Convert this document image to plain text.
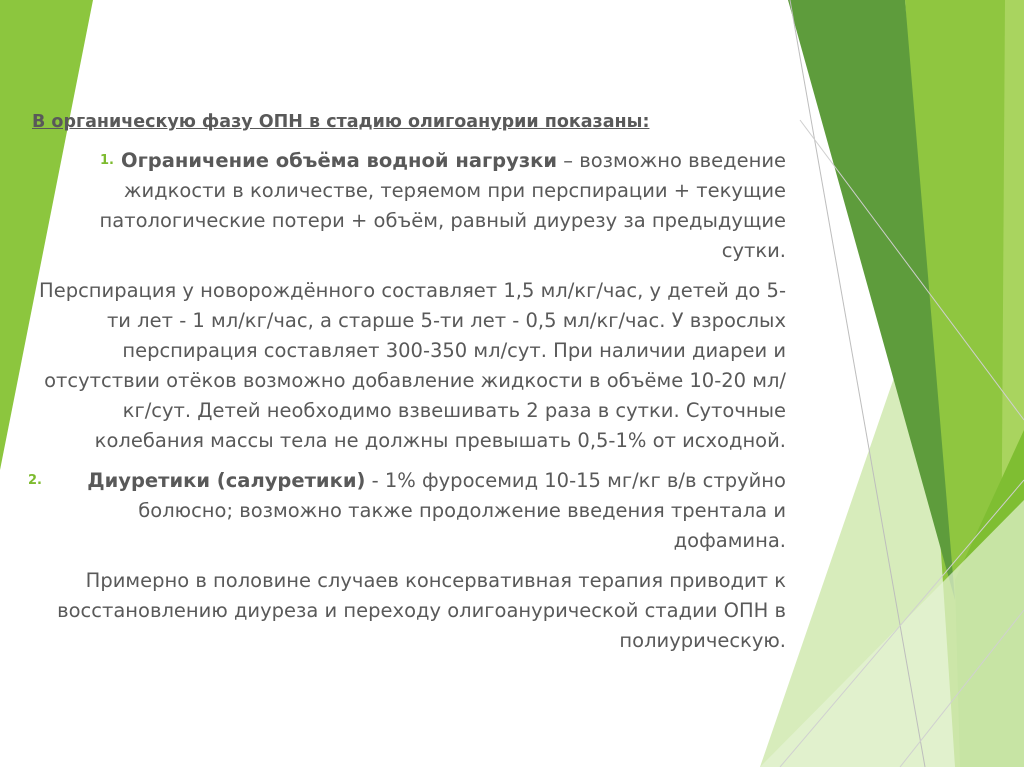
В органическую фазу ОПН в стадию олигоанурии показаны:
1. Ограничение объёма водной нагрузки – возможно введение жидкости в количестве, теряемом при перспирации + текущие патологические потери + объём, равный диурезу за предыдущие сутки.
Перспирация у новорождённого составляет 1,5 мл/кг/час, у детей до 5-ти лет - 1 мл/кг/час, а старше 5-ти лет - 0,5 мл/кг/час. У взрослых перспирация составляет 300-350 мл/сут. При наличии диареи и отсутствии отёков возможно добавление жидкости в объёме 10-20 мл/кг/сут. Детей необходимо взвешивать 2 раза в сутки. Суточные колебания массы тела не должны превышать 0,5-1% от исходной.
2. Диуретики (салуретики) - 1% фуросемид 10-15 мг/кг в/в струйно болюсно; возможно также продолжение введения трентала и дофамина.
Примерно в половине случаев консервативная терапия приводит к восстановлению диуреза и переходу олигоанурической стадии ОПН в полиурическую.
